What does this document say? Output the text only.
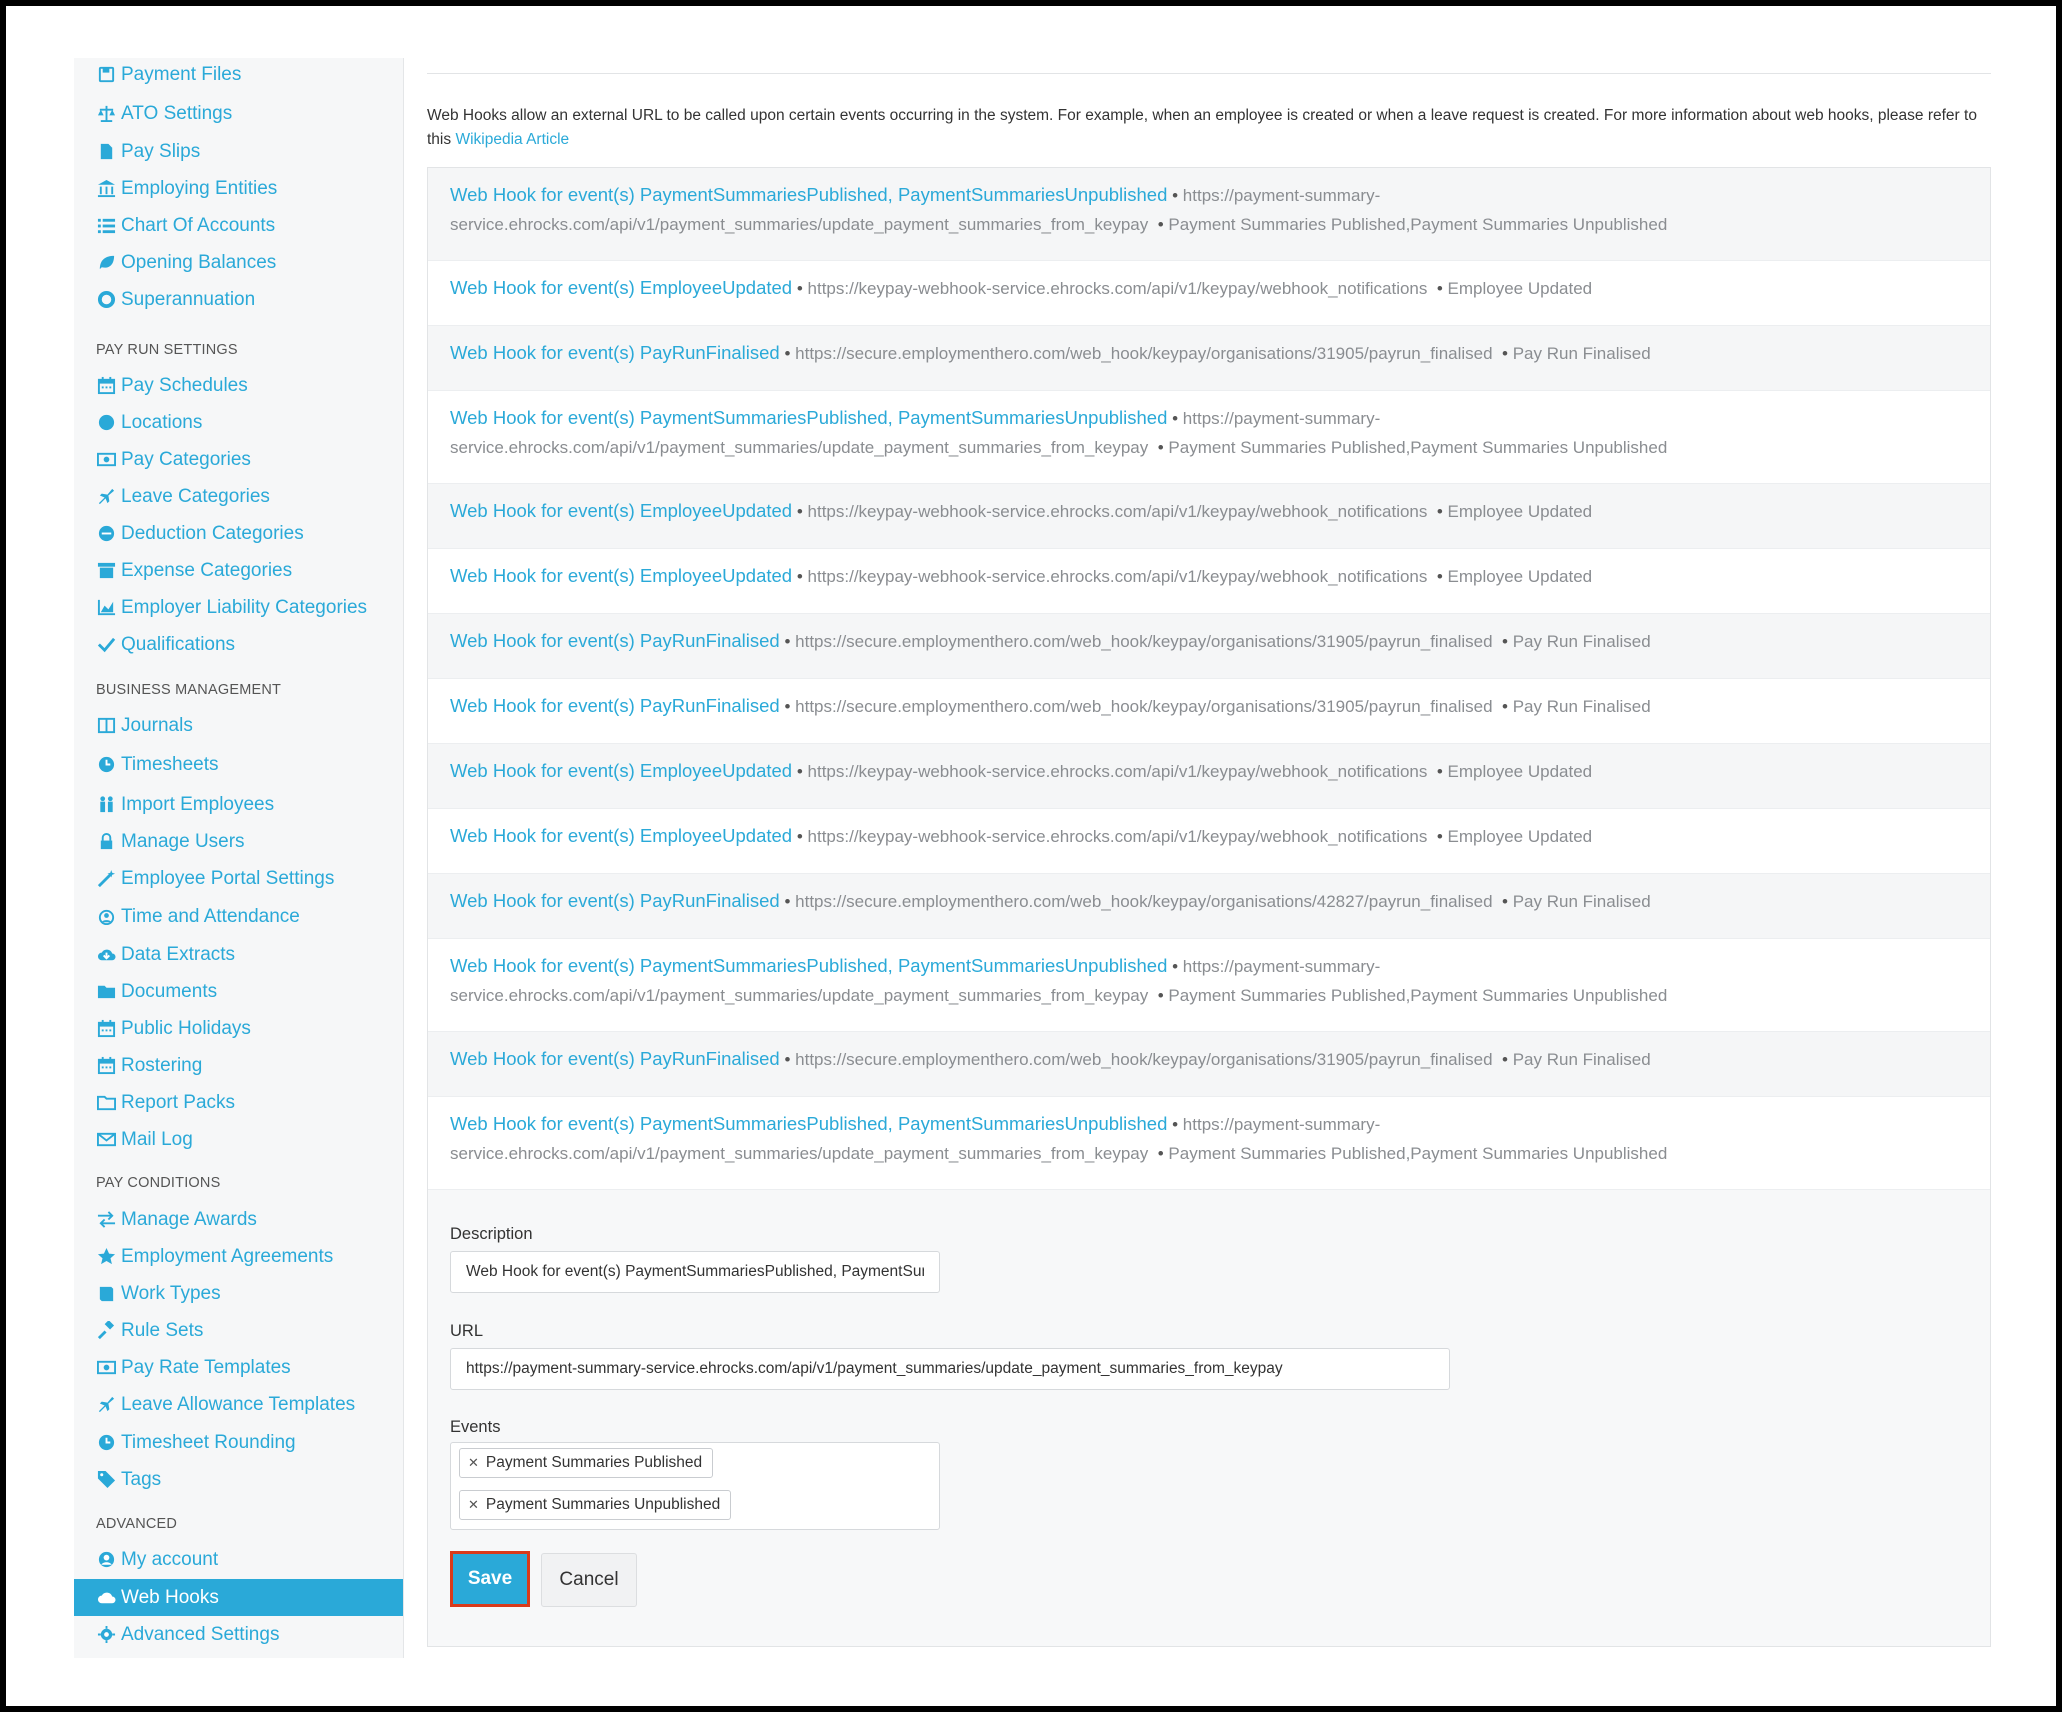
Payment Files
ATO Settings
Pay Slips
Employing Entities
Chart Of Accounts
Opening Balances
Superannuation
PAY RUN SETTINGS
Pay Schedules
Locations
Pay Categories
Leave Categories
Deduction Categories
Expense Categories
Employer Liability Categories
Qualifications
BUSINESS MANAGEMENT
Journals
Timesheets
Import Employees
Manage Users
Employee Portal Settings
Time and Attendance
Data Extracts
Documents
Public Holidays
Rostering
Report Packs
Mail Log
PAY CONDITIONS
Manage Awards
Employment Agreements
Work Types
Rule Sets
Pay Rate Templates
Leave Allowance Templates
Timesheet Rounding
Tags
ADVANCED
My account
Web Hooks
Advanced Settings

Web Hooks allow an external URL to be called upon certain events occurring in the system. For example, when an employee is created or when a leave request is created. For more information about web hooks, please refer to this Wikipedia Article

Web Hook for event(s) PaymentSummariesPublished, PaymentSummariesUnpublished • https://payment-summary-service.ehrocks.com/api/v1/payment_summaries/update_payment_summaries_from_keypay • Payment Summaries Published,Payment Summaries Unpublished
Web Hook for event(s) EmployeeUpdated • https://keypay-webhook-service.ehrocks.com/api/v1/keypay/webhook_notifications • Employee Updated
Web Hook for event(s) PayRunFinalised • https://secure.employmenthero.com/web_hook/keypay/organisations/31905/payrun_finalised • Pay Run Finalised
Web Hook for event(s) PaymentSummariesPublished, PaymentSummariesUnpublished • https://payment-summary-service.ehrocks.com/api/v1/payment_summaries/update_payment_summaries_from_keypay • Payment Summaries Published,Payment Summaries Unpublished
Web Hook for event(s) EmployeeUpdated • https://keypay-webhook-service.ehrocks.com/api/v1/keypay/webhook_notifications • Employee Updated
Web Hook for event(s) EmployeeUpdated • https://keypay-webhook-service.ehrocks.com/api/v1/keypay/webhook_notifications • Employee Updated
Web Hook for event(s) PayRunFinalised • https://secure.employmenthero.com/web_hook/keypay/organisations/31905/payrun_finalised • Pay Run Finalised
Web Hook for event(s) PayRunFinalised • https://secure.employmenthero.com/web_hook/keypay/organisations/31905/payrun_finalised • Pay Run Finalised
Web Hook for event(s) EmployeeUpdated • https://keypay-webhook-service.ehrocks.com/api/v1/keypay/webhook_notifications • Employee Updated
Web Hook for event(s) EmployeeUpdated • https://keypay-webhook-service.ehrocks.com/api/v1/keypay/webhook_notifications • Employee Updated
Web Hook for event(s) PayRunFinalised • https://secure.employmenthero.com/web_hook/keypay/organisations/42827/payrun_finalised • Pay Run Finalised
Web Hook for event(s) PaymentSummariesPublished, PaymentSummariesUnpublished • https://payment-summary-service.ehrocks.com/api/v1/payment_summaries/update_payment_summaries_from_keypay • Payment Summaries Published,Payment Summaries Unpublished
Web Hook for event(s) PayRunFinalised • https://secure.employmenthero.com/web_hook/keypay/organisations/31905/payrun_finalised • Pay Run Finalised
Web Hook for event(s) PaymentSummariesPublished, PaymentSummariesUnpublished • https://payment-summary-service.ehrocks.com/api/v1/payment_summaries/update_payment_summaries_from_keypay • Payment Summaries Published,Payment Summaries Unpublished
Description
Web Hook for event(s) PaymentSummariesPublished, PaymentSummariesUnpublished
URL
https://payment-summary-service.ehrocks.com/api/v1/payment_summaries/update_payment_summaries_from_keypay
Events
✕ Payment Summaries Published
✕ Payment Summaries Unpublished
Save	Cancel
